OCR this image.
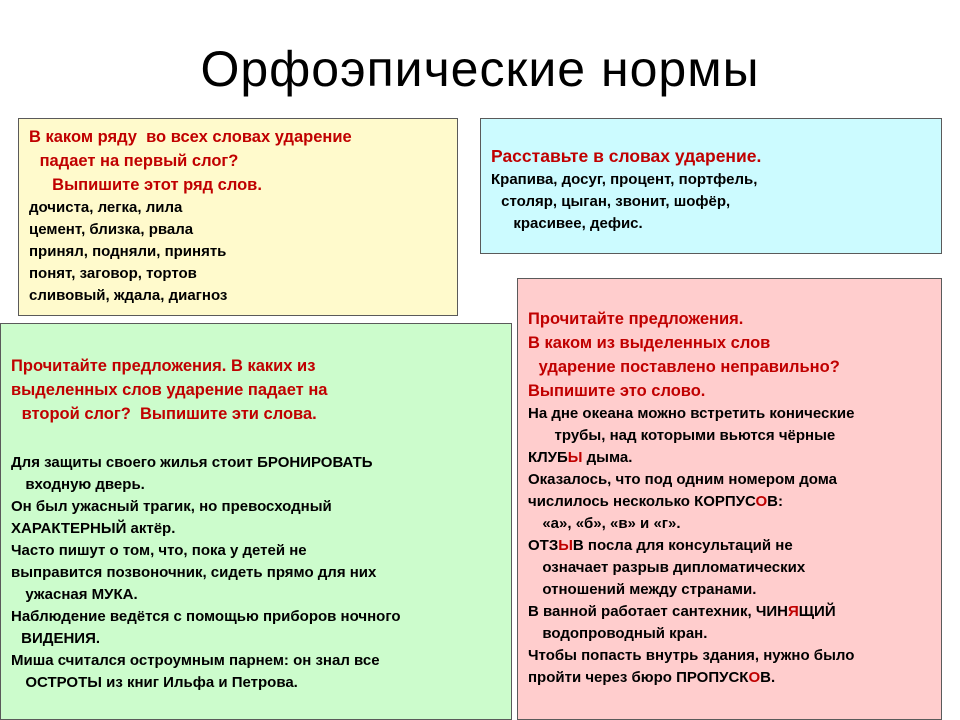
Орфоэпические нормы

В каком ряду  во всех словах ударение

падает на первый слог?

Выпишите этот ряд слов.

дочиста, легка, лила

цемент, близка, рвала

принял, подняли, принять

понят, заговор, тортов

сливовый, ждала, диагноз

Расставьте в словах ударение.

Крапива, досуг, процент, портфель,

столяр, цыган, звонит, шофёр,

красивее, дефис.

Прочитайте предложения. В каких из

выделенных слов ударение падает на

второй слог?  Выпишите эти слова.

Для защиты своего жилья стоит БРОНИРОВАТЬ

входную дверь.

Он был ужасный трагик, но превосходный

ХАРАКТЕРНЫЙ актёр.

Часто пишут о том, что, пока у детей не

выправится позвоночник, сидеть прямо для них

ужасная МУКА.

Наблюдение ведётся с помощью приборов ночного

ВИДЕНИЯ.

Миша считался остроумным парнем: он знал все

ОСТРОТЫ из книг Ильфа и Петрова.

Прочитайте предложения.

В каком из выделенных слов

ударение поставлено неправильно?

Выпишите это слово.

На дне океана можно встретить конические

трубы, над которыми вьются чёрные

КЛУБЫ дыма.

Оказалось, что под одним номером дома

числилось несколько КОРПУСОВ:

«а», «б», «в» и «г».

ОТЗЫВ посла для консультаций не

означает разрыв дипломатических

отношений между странами.

В ванной работает сантехник, ЧИНЯЩИЙ

водопроводный кран.

Чтобы попасть внутрь здания, нужно было

пройти через бюро ПРОПУСКОВ.
